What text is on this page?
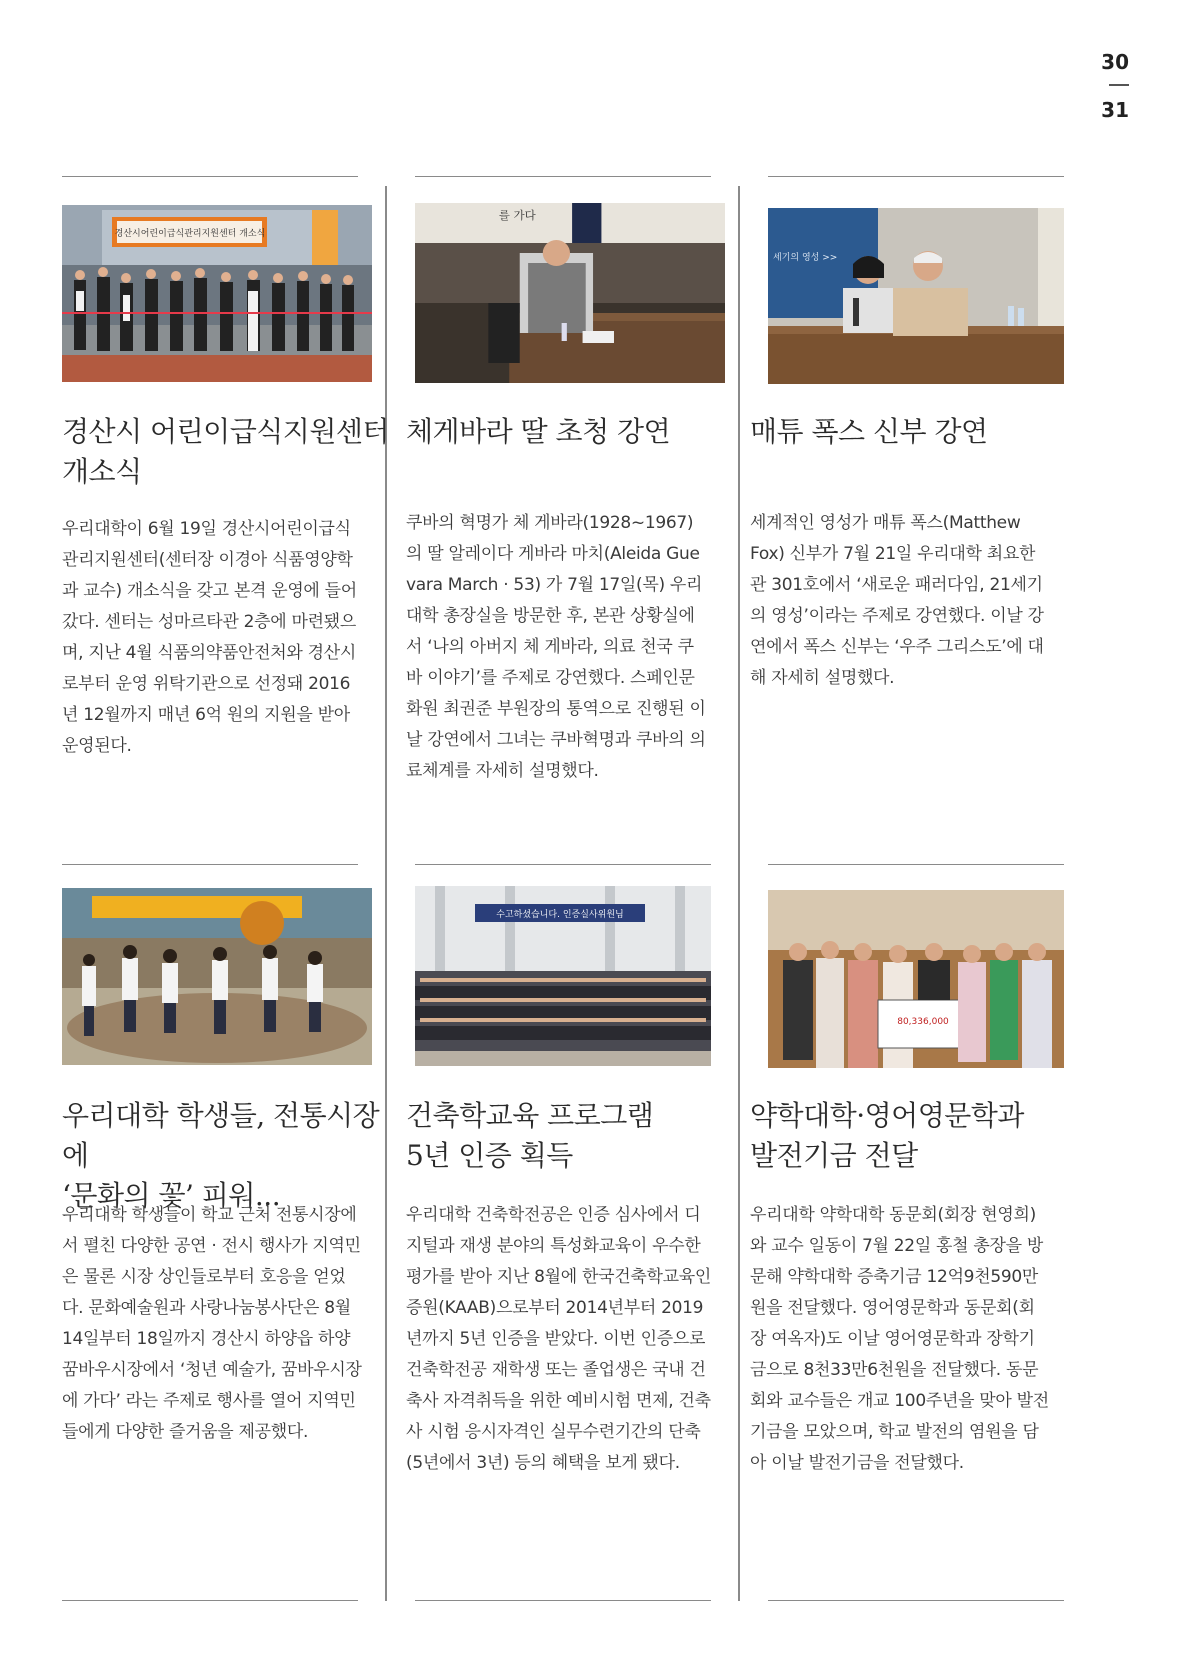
30
31
경산시어린이급식관리지원센터 개소식
경산시 어린이급식지원센터
개소식

우리대학이 6월 19일 경산시어린이급식
관리지원센터(센터장 이경아 식품영양학
과 교수) 개소식을 갖고 본격 운영에 들어
갔다. 센터는 성마르타관 2층에 마련됐으
며, 지난 4월 식품의약품안전처와 경산시
로부터 운영 위탁기관으로 선정돼 2016
년 12월까지 매년 6억 원의 지원을 받아
운영된다.

를 가다
체게바라 딸 초청 강연

쿠바의 혁명가 체 게바라(1928~1967)
의 딸 알레이다 게바라 마치(Aleida Gue
vara March · 53) 가 7월 17일(목) 우리
대학 총장실을 방문한 후, 본관 상황실에
서 ‘나의 아버지 체 게바라, 의료 천국 쿠
바 이야기’를 주제로 강연했다. 스페인문
화원 최권준 부원장의 통역으로 진행된 이
날 강연에서 그녀는 쿠바혁명과 쿠바의 의
료체계를 자세히 설명했다.

세기의 영성 >>
매튜 폭스 신부 강연

세계적인 영성가 매튜 폭스(Matthew
Fox) 신부가 7월 21일 우리대학 최요한
관 301호에서 ‘새로운 패러다임, 21세기
의 영성’이라는 주제로 강연했다. 이날 강
연에서 폭스 신부는 ‘우주 그리스도’에 대
해 자세히 설명했다.

우리대학 학생들, 전통시장에
‘문화의 꽃’ 피워...

우리대학 학생들이 학교 근처 전통시장에
서 펼친 다양한 공연 · 전시 행사가 지역민
은 물론 시장 상인들로부터 호응을 얻었
다. 문화예술원과 사랑나눔봉사단은 8월
14일부터 18일까지 경산시 하양읍 하양
꿈바우시장에서 ‘청년 예술가, 꿈바우시장
에 가다’ 라는 주제로 행사를 열어 지역민
들에게 다양한 즐거움을 제공했다.

수고하셨습니다. 인증실사위원님
건축학교육 프로그램
5년 인증 획득

우리대학 건축학전공은 인증 심사에서 디
지털과 재생 분야의 특성화교육이 우수한
평가를 받아 지난 8월에 한국건축학교육인
증원(KAAB)으로부터 2014년부터 2019
년까지 5년 인증을 받았다. 이번 인증으로
건축학전공 재학생 또는 졸업생은 국내 건
축사 자격취득을 위한 예비시험 면제, 건축
사 시험 응시자격인 실무수련기간의 단축
(5년에서 3년) 등의 혜택을 보게 됐다.

80,336,000
약학대학·영어영문학과
발전기금 전달

우리대학 약학대학 동문회(회장 현영희)
와 교수 일동이 7월 22일 홍철 총장을 방
문해 약학대학 증축기금 12억9천590만
원을 전달했다. 영어영문학과 동문회(회
장 여옥자)도 이날 영어영문학과 장학기
금으로 8천33만6천원을 전달했다. 동문
회와 교수들은 개교 100주년을 맞아 발전
기금을 모았으며, 학교 발전의 염원을 담
아 이날 발전기금을 전달했다.
